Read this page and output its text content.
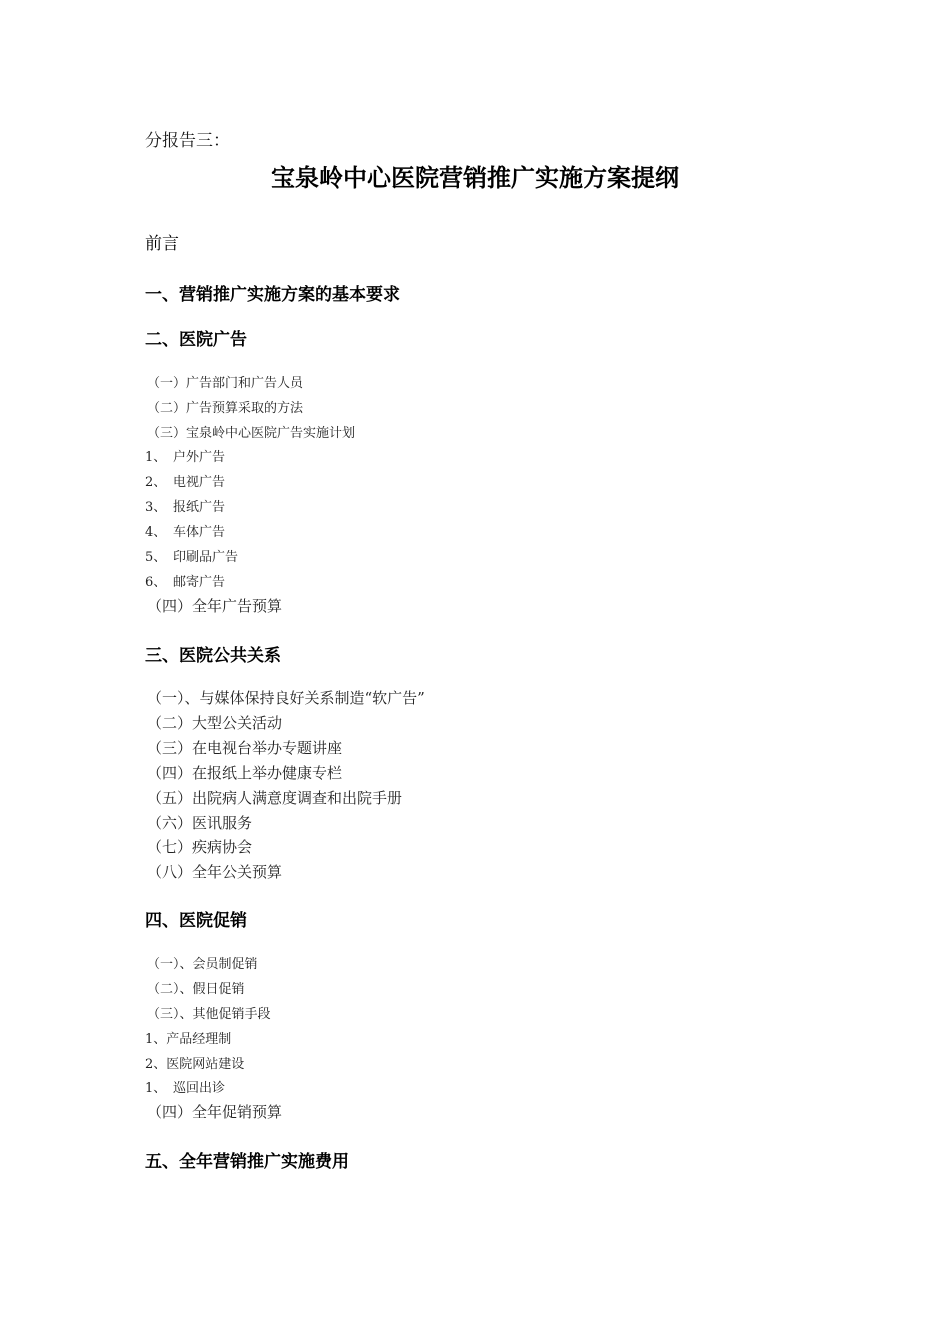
分报告三：
宝泉岭中心医院营销推广实施方案提纲
前言
一、营销推广实施方案的基本要求
二、医院广告
（一）广告部门和广告人员
（二）广告预算采取的方法
（三）宝泉岭中心医院广告实施计划
1、 户外广告
2、 电视广告
3、 报纸广告
4、 车体广告
5、 印刷品广告
6、 邮寄广告
（四）全年广告预算
三、医院公共关系
（一）、与媒体保持良好关系制造“软广告”
（二）大型公关活动
（三）在电视台举办专题讲座
（四）在报纸上举办健康专栏
（五）出院病人满意度调查和出院手册
（六）医讯服务
（七）疾病协会
（八）全年公关预算
四、医院促销
（一）、会员制促销
（二）、假日促销
（三）、其他促销手段
1、产品经理制
2、医院网站建设
1、 巡回出诊
（四）全年促销预算
五、全年营销推广实施费用
